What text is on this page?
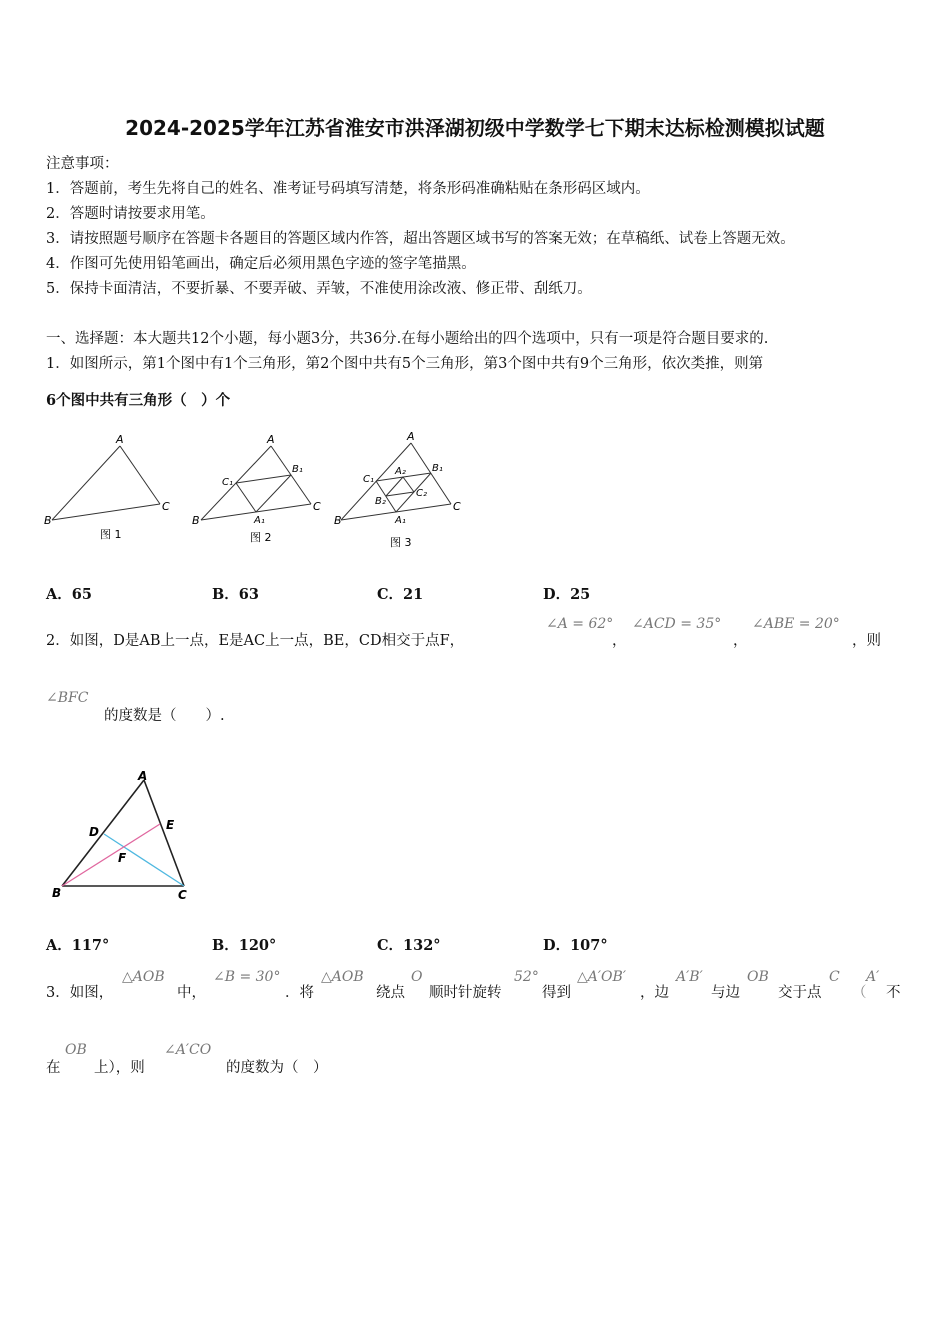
2024-2025学年江苏省淮安市洪泽湖初级中学数学七下期末达标检测模拟试题
注意事项：
1．答题前，考生先将自己的姓名、准考证号码填写清楚，将条形码准确粘贴在条形码区域内。
2．答题时请按要求用笔。
3．请按照题号顺序在答题卡各题目的答题区域内作答，超出答题区域书写的答案无效；在草稿纸、试卷上答题无效。
4．作图可先使用铅笔画出，确定后必须用黑色字迹的签字笔描黑。
5．保持卡面清洁，不要折暴、不要弄破、弄皱，不准使用涂改液、修正带、刮纸刀。
一、选择题：本大题共12个小题，每小题3分，共36分.在每小题给出的四个选项中，只有一项是符合题目要求的.
1．如图所示，第1个图中有1个三角形，第2个图中共有5个三角形，第3个图中共有9个三角形，依次类推，则第
6个图中共有三角形（　）个
A
B
C
图 1
A
B
C
C₁
B₁
A₁
图 2
A
B
C
C₁
B₁
A₁
A₂
B₂
C₂
图 3
A．65	B．63	C．21	D．25
2．如图，D是AB上一点，E是AC上一点，BE，CD相交于点F，
∠A = 62°
，
∠ACD = 35°
，
∠ABE = 20°
，则
∠BFC
的度数是（　　）.
A
B	C
D	E
F
A．117°	B．120°	C．132°	D．107°
3．如图，
△AOB
中，
∠B = 30°
．将
△AOB
绕点
O
顺时针旋转
52°
得到
△A′OB′
，边
A′B′
与边
OB
交于点
C
（
A′
不
在
OB
上），则
∠A′CO
的度数为（　）
